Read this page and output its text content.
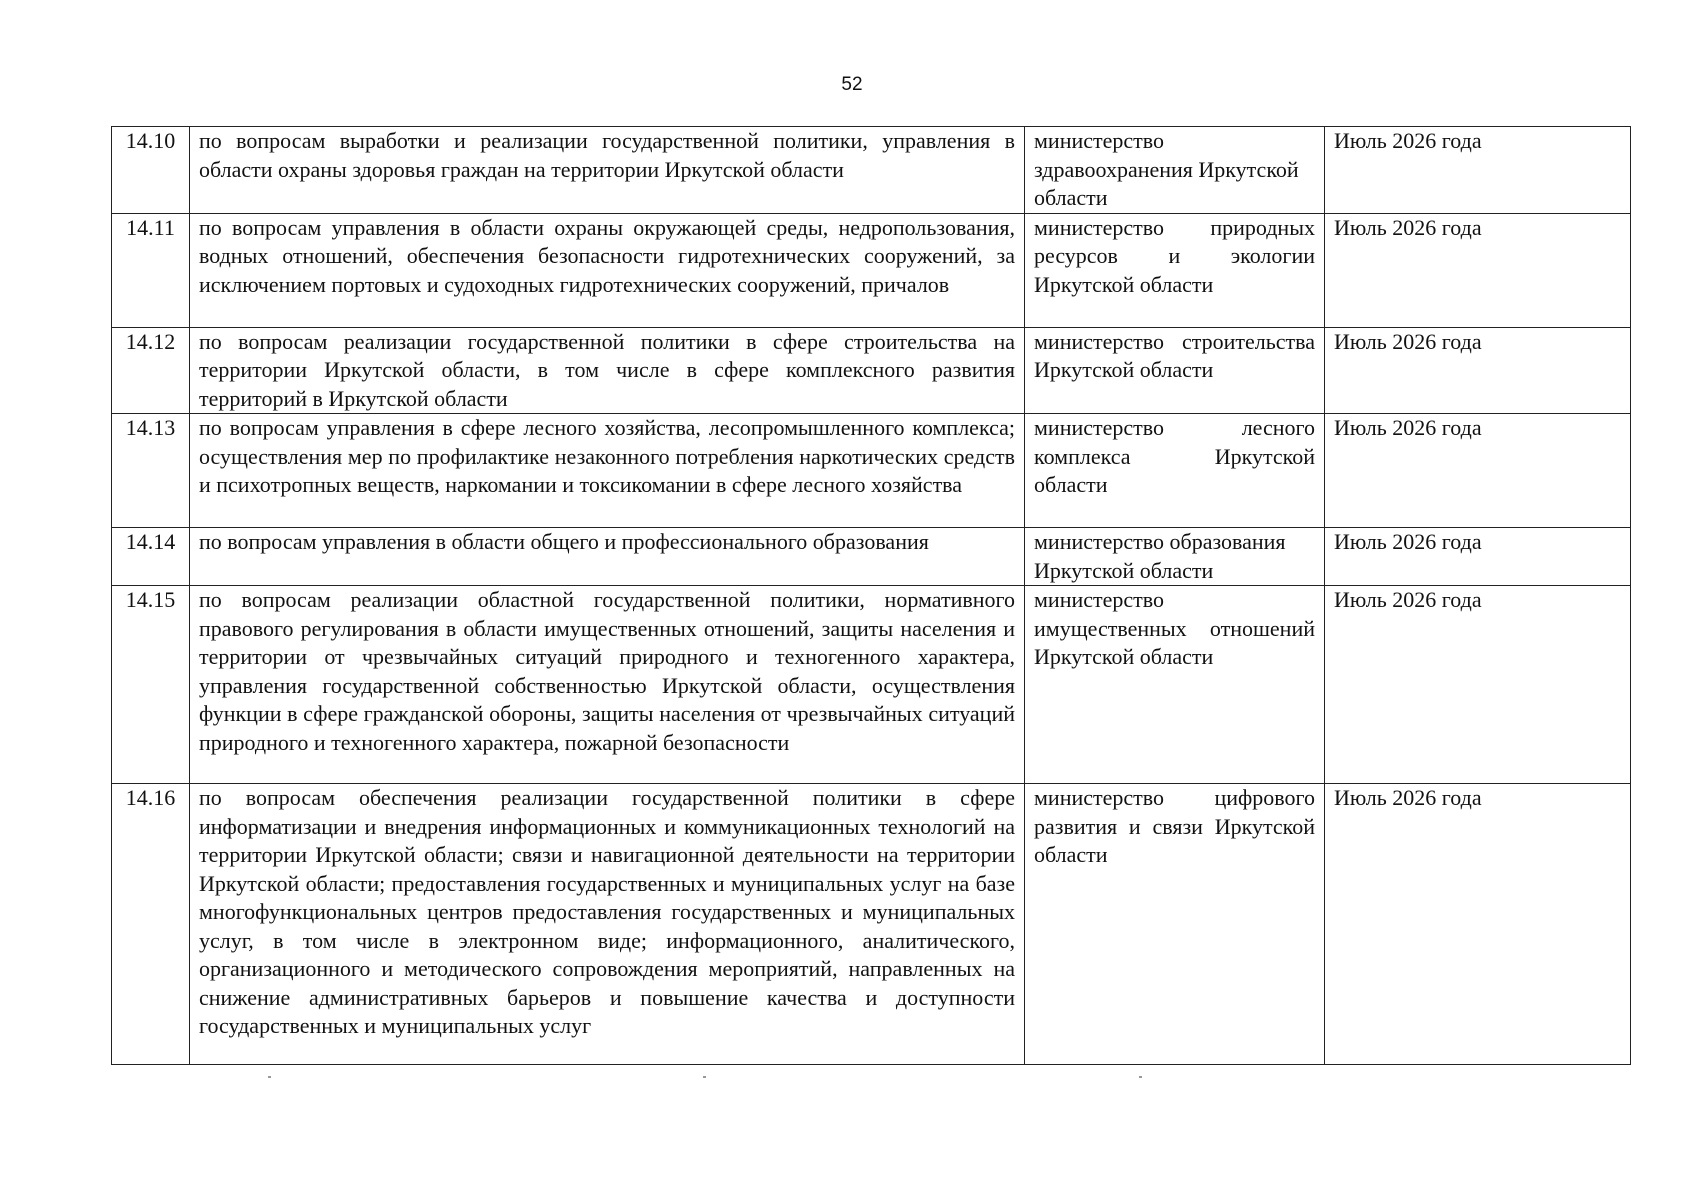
52
14.10	по вопросам выработки и реализации государственной политики, управления в области охраны здоровья граждан на территории Иркутской области	министерство здравоохранения Иркутской области	Июль 2026 года
14.11	по вопросам управления в области охраны окружающей среды, недропользования, водных отношений, обеспечения безопасности гидротехнических сооружений, за исключением портовых и судоходных гидротехнических сооружений, причалов	министерство природных ресурсов и экологии Иркутской области	Июль 2026 года
14.12	по вопросам реализации государственной политики в сфере строительства на территории Иркутской области, в том числе в сфере комплексного развития территорий в Иркутской области	министерство строительства Иркутской области	Июль 2026 года
14.13	по вопросам управления в сфере лесного хозяйства, лесопромышленного комплекса; осуществления мер по профилактике незаконного потребления наркотических средств и психотропных веществ, наркомании и токсикомании в сфере лесного хозяйства	министерство лесного комплекса Иркутской области	Июль 2026 года
14.14	по вопросам управления в области общего и профессионального образования	министерство образования Иркутской области	Июль 2026 года
14.15	по вопросам реализации областной государственной политики, нормативного правового регулирования в области имущественных отношений, защиты населения и территории от чрезвычайных ситуаций природного и техногенного характера, управления государственной собственностью Иркутской области, осуществления функции в сфере гражданской обороны, защиты населения от чрезвычайных ситуаций природного и техногенного характера, пожарной безопасности	министерство имущественных отношений Иркутской области	Июль 2026 года
14.16	по вопросам обеспечения реализации государственной политики в сфере информатизации и внедрения информационных и коммуникационных технологий на территории Иркутской области; связи и навигационной деятельности на территории Иркутской области; предоставления государственных и муниципальных услуг на базе многофункциональных центров предоставления государственных и муниципальных услуг, в том числе в электронном виде; информационного, аналитического, организационного и методического сопровождения мероприятий, направленных на снижение административных барьеров и повышение качества и доступности государственных и муниципальных услуг	министерство цифрового развития и связи Иркутской области	Июль 2026 года
